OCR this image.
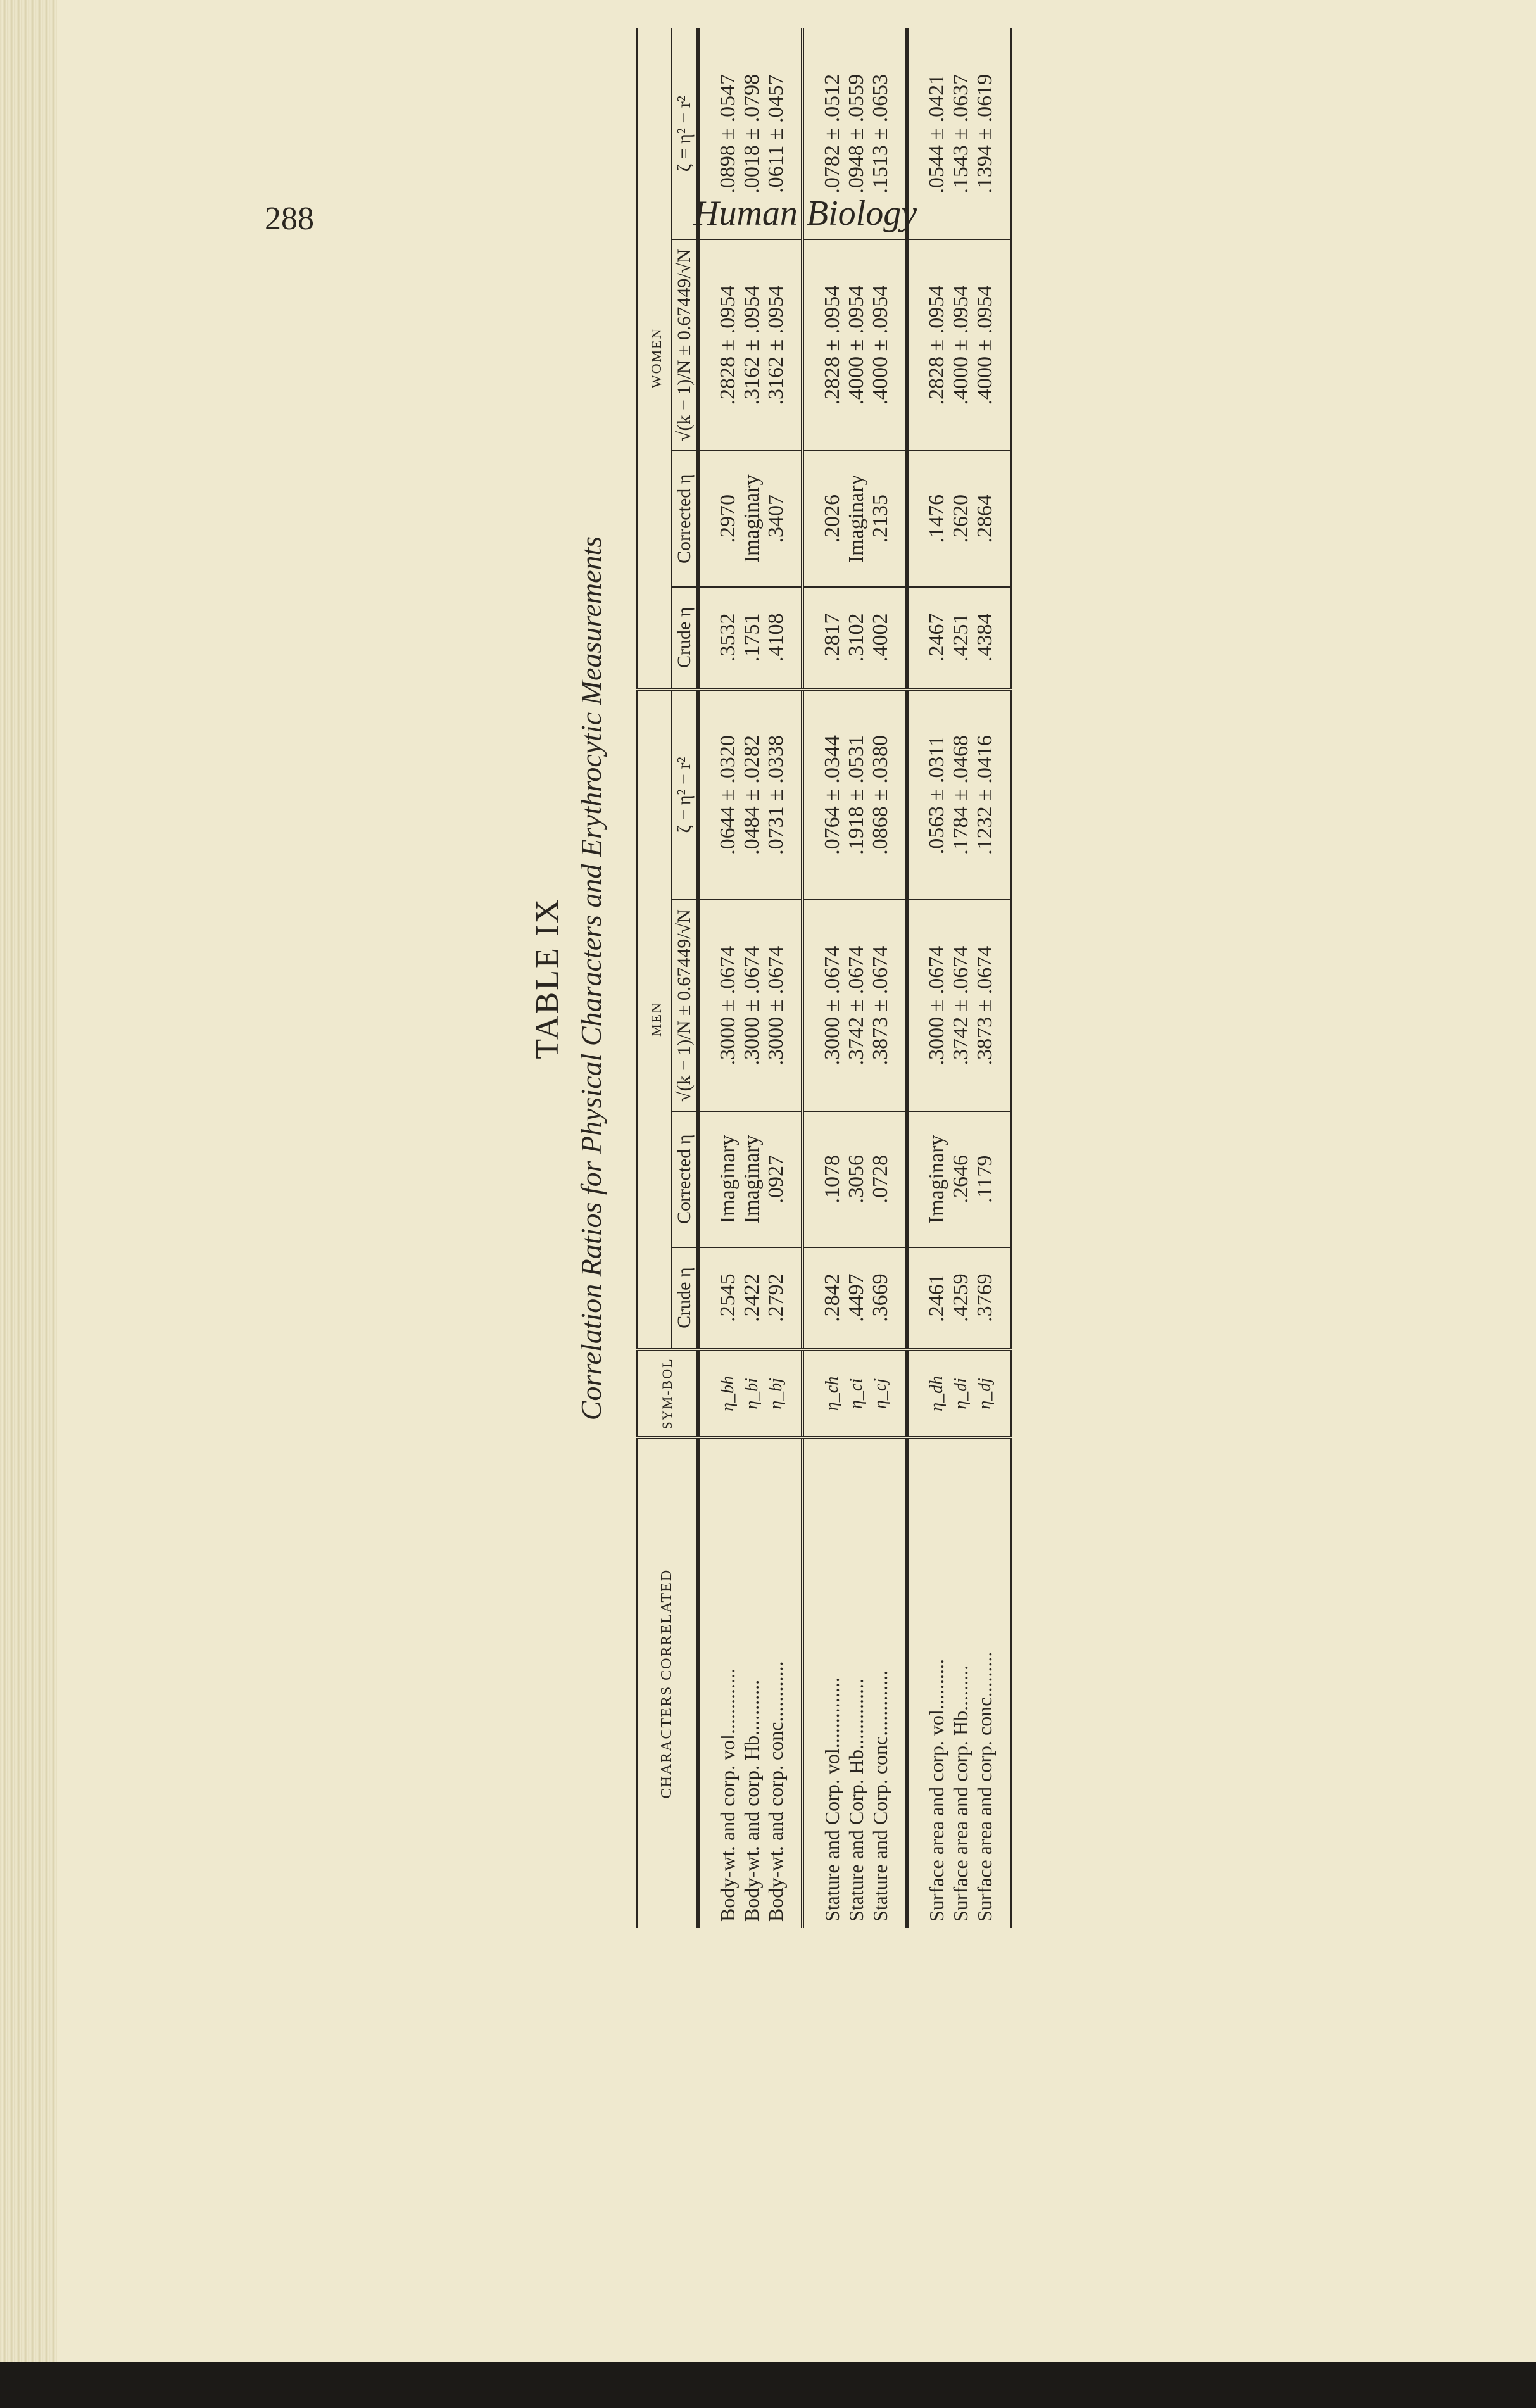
288	Human Biology
TABLE IX Correlation Ratios for Physical Characters and Erythrocytic Measurements
CHARACTERS CORRELATED	SYM-BOL	MEN				WOMEN			
		Crude η	Corrected η	√(k − 1)/N ± 0.67449/√N	ζ − η² − r²	Crude η	Corrected η	√(k − 1)/N ± 0.67449/√N	ζ = η² − r²
Body-wt. and corp. vol.............	η_bh	.2545	Imaginary	.3000 ± .0674	.0644 ± .0320	.3532	.2970	.2828 ± .0954	.0898 ± .0547
Body-wt. and corp. Hb...........	η_bi	.2422	Imaginary	.3000 ± .0674	.0484 ± .0282	.1751	Imaginary	.3162 ± .0954	.0018 ± .0798
Body-wt. and corp. conc............	η_bj	.2792	.0927	.3000 ± .0674	.0731 ± .0338	.4108	.3407	.3162 ± .0954	.0611 ± .0457
Stature and Corp. vol..............	η_ch	.2842	.1078	.3000 ± .0674	.0764 ± .0344	.2817	.2026	.2828 ± .0954	.0782 ± .0512
Stature and Corp. Hb..............	η_ci	.4497	.3056	.3742 ± .0674	.1918 ± .0531	.3102	Imaginary	.4000 ± .0954	.0948 ± .0559
Stature and Corp. conc.............	η_cj	.3669	.0728	.3873 ± .0674	.0868 ± .0380	.4002	.2135	.4000 ± .0954	.1513 ± .0653
Surface area and corp. vol..........	η_dh	.2461	Imaginary	.3000 ± .0674	.0563 ± .0311	.2467	.1476	.2828 ± .0954	.0544 ± .0421
Surface area and corp. Hb.........	η_di	.4259	.2646	.3742 ± .0674	.1784 ± .0468	.4251	.2620	.4000 ± .0954	.1543 ± .0637
Surface area and corp. conc.........	η_dj	.3769	.1179	.3873 ± .0674	.1232 ± .0416	.4384	.2864	.4000 ± .0954	.1394 ± .0619
